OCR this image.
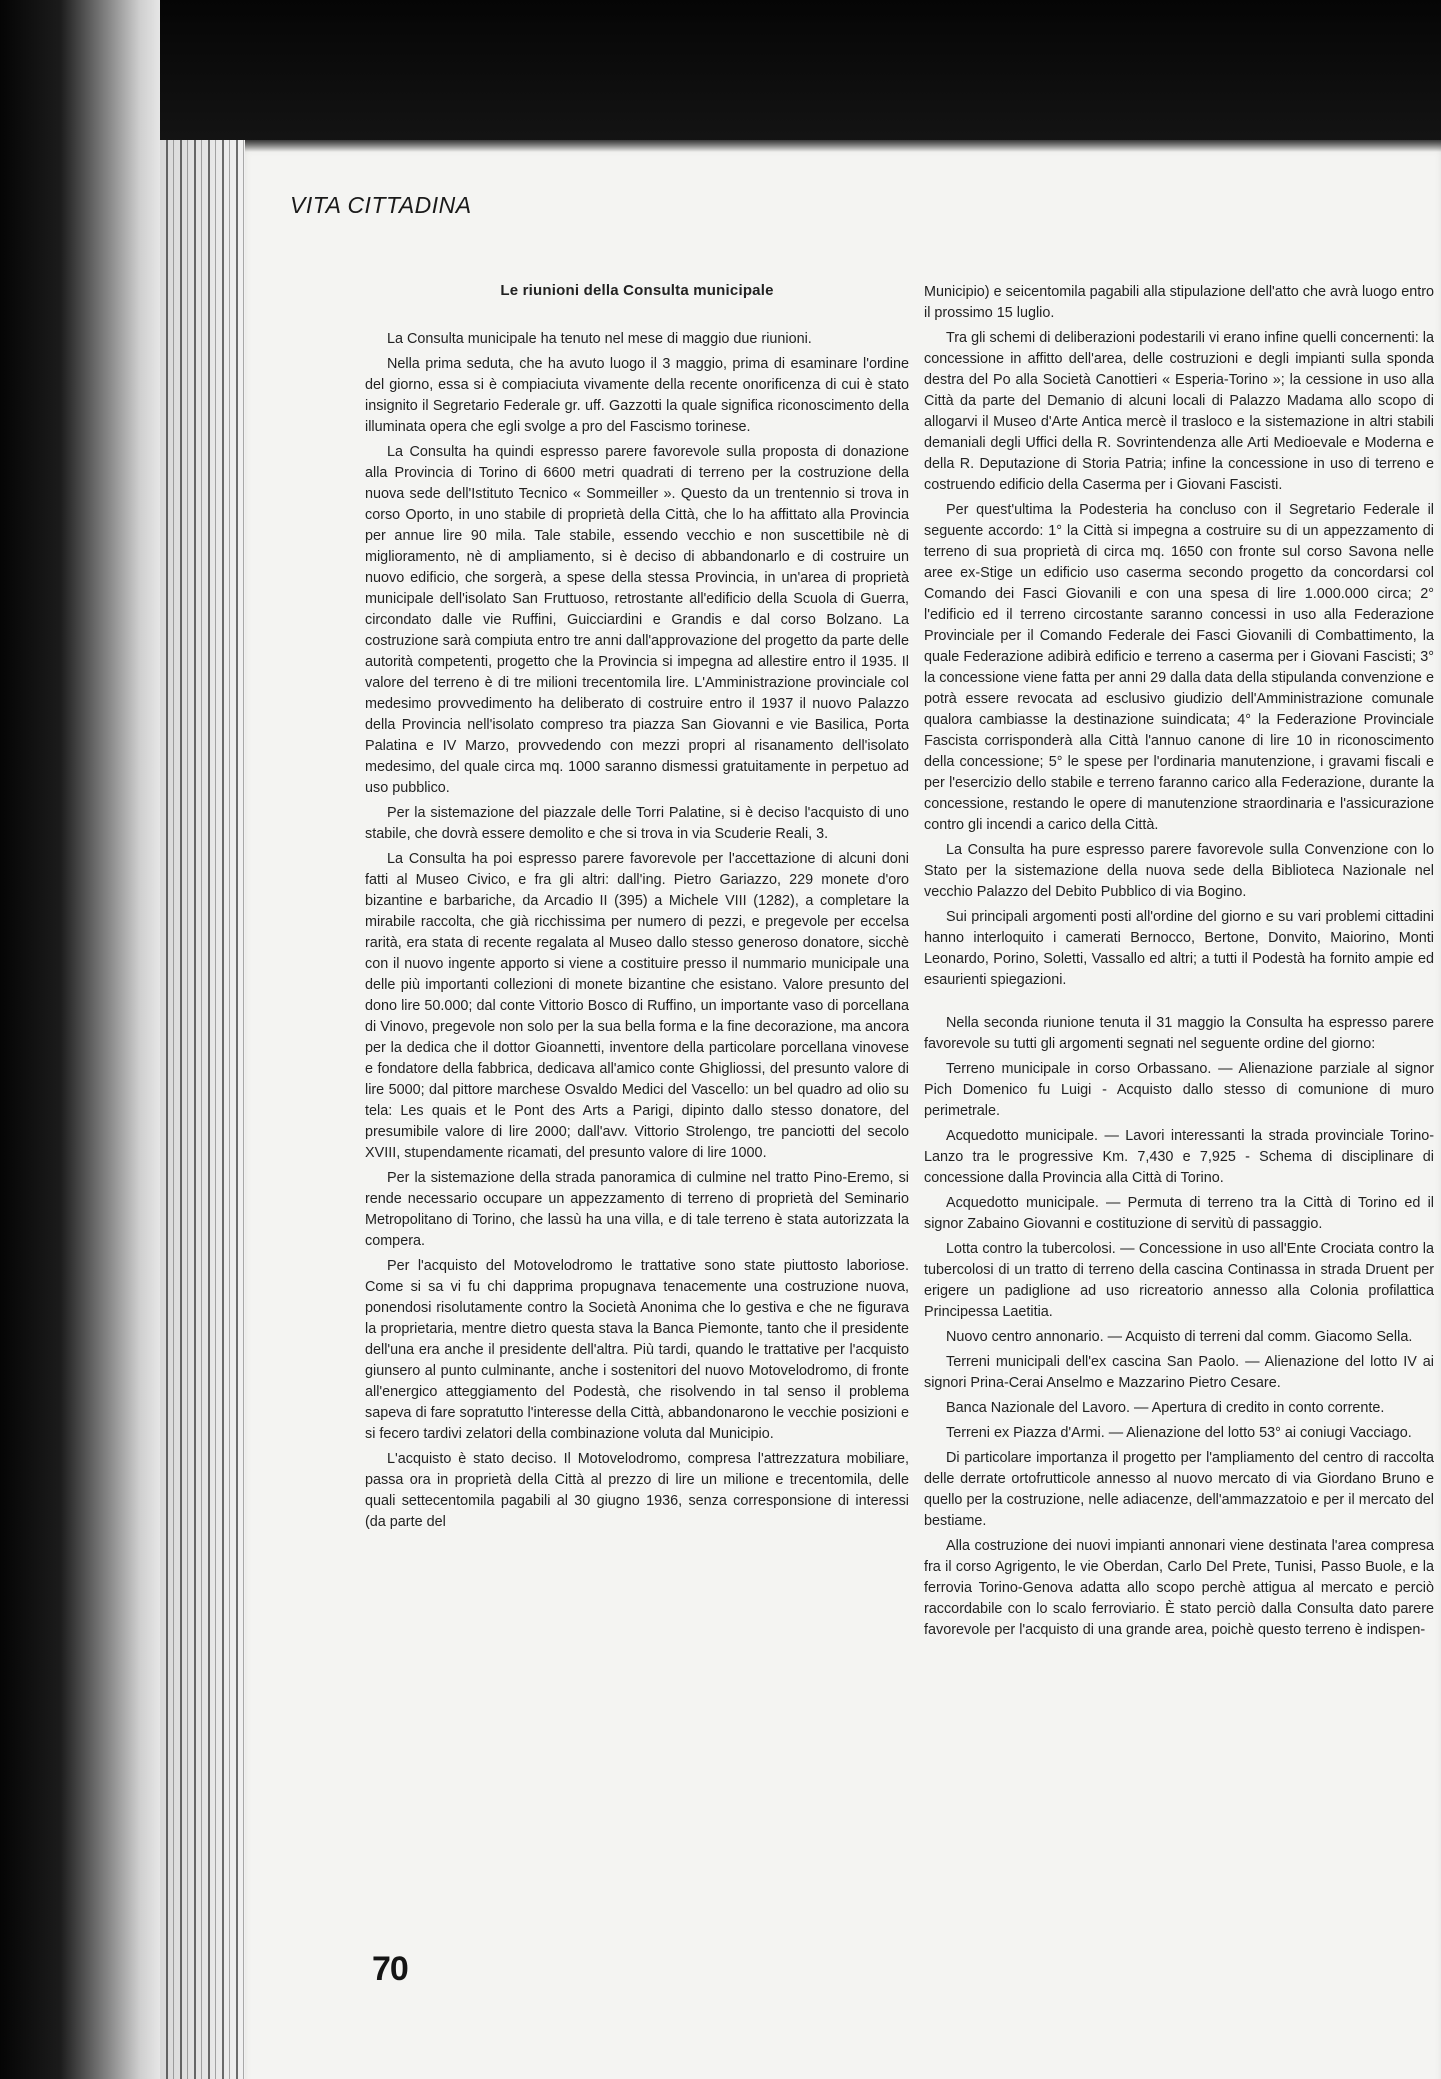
VITA CITTADINA
Le riunioni della Consulta municipale

La Consulta municipale ha tenuto nel mese di maggio due riunioni.

Nella prima seduta, che ha avuto luogo il 3 maggio, prima di esaminare l'ordine del giorno, essa si è compiaciuta vivamente della recente onorificenza di cui è stato insignito il Segretario Federale gr. uff. Gazzotti la quale significa riconoscimento della illuminata opera che egli svolge a pro del Fascismo torinese.

La Consulta ha quindi espresso parere favorevole sulla proposta di donazione alla Provincia di Torino di 6600 metri quadrati di terreno per la costruzione della nuova sede dell'Istituto Tecnico « Sommeiller ». Questo da un trentennio si trova in corso Oporto, in uno stabile di proprietà della Città, che lo ha affittato alla Provincia per annue lire 90 mila. Tale stabile, essendo vecchio e non suscettibile nè di miglioramento, nè di ampliamento, si è deciso di abbandonarlo e di costruire un nuovo edificio, che sorgerà, a spese della stessa Provincia, in un'area di proprietà municipale dell'isolato San Fruttuoso, retrostante all'edificio della Scuola di Guerra, circondato dalle vie Ruffini, Guicciardini e Grandis e dal corso Bolzano. La costruzione sarà compiuta entro tre anni dall'approvazione del progetto da parte delle autorità competenti, progetto che la Provincia si impegna ad allestire entro il 1935. Il valore del terreno è di tre milioni trecentomila lire. L'Amministrazione provinciale col medesimo provvedimento ha deliberato di costruire entro il 1937 il nuovo Palazzo della Provincia nell'isolato compreso tra piazza San Giovanni e vie Basilica, Porta Palatina e IV Marzo, provvedendo con mezzi propri al risanamento dell'isolato medesimo, del quale circa mq. 1000 saranno dismessi gratuitamente in perpetuo ad uso pubblico.

Per la sistemazione del piazzale delle Torri Palatine, si è deciso l'acquisto di uno stabile, che dovrà essere demolito e che si trova in via Scuderie Reali, 3.

La Consulta ha poi espresso parere favorevole per l'accettazione di alcuni doni fatti al Museo Civico, e fra gli altri: dall'ing. Pietro Gariazzo, 229 monete d'oro bizantine e barbariche, da Arcadio II (395) a Michele VIII (1282), a completare la mirabile raccolta, che già ricchissima per numero di pezzi, e pregevole per eccelsa rarità, era stata di recente regalata al Museo dallo stesso generoso donatore, sicchè con il nuovo ingente apporto si viene a costituire presso il nummario municipale una delle più importanti collezioni di monete bizantine che esistano. Valore presunto del dono lire 50.000; dal conte Vittorio Bosco di Ruffino, un importante vaso di porcellana di Vinovo, pregevole non solo per la sua bella forma e la fine decorazione, ma ancora per la dedica che il dottor Gioannetti, inventore della particolare porcellana vinovese e fondatore della fabbrica, dedicava all'amico conte Ghigliossi, del presunto valore di lire 5000; dal pittore marchese Osvaldo Medici del Vascello: un bel quadro ad olio su tela: Les quais et le Pont des Arts a Parigi, dipinto dallo stesso donatore, del presumibile valore di lire 2000; dall'avv. Vittorio Strolengo, tre panciotti del secolo XVIII, stupendamente ricamati, del presunto valore di lire 1000.

Per la sistemazione della strada panoramica di culmine nel tratto Pino-Eremo, si rende necessario occupare un appezzamento di terreno di proprietà del Seminario Metropolitano di Torino, che lassù ha una villa, e di tale terreno è stata autorizzata la compera.

Per l'acquisto del Motovelodromo le trattative sono state piuttosto laboriose. Come si sa vi fu chi dapprima propugnava tenacemente una costruzione nuova, ponendosi risolutamente contro la Società Anonima che lo gestiva e che ne figurava la proprietaria, mentre dietro questa stava la Banca Piemonte, tanto che il presidente dell'una era anche il presidente dell'altra. Più tardi, quando le trattative per l'acquisto giunsero al punto culminante, anche i sostenitori del nuovo Motovelodromo, di fronte all'energico atteggiamento del Podestà, che risolvendo in tal senso il problema sapeva di fare sopratutto l'interesse della Città, abbandonarono le vecchie posizioni e si fecero tardivi zelatori della combinazione voluta dal Municipio.

L'acquisto è stato deciso. Il Motovelodromo, compresa l'attrezzatura mobiliare, passa ora in proprietà della Città al prezzo di lire un milione e trecentomila, delle quali settecentomila pagabili al 30 giugno 1936, senza corresponsione di interessi (da parte del

Municipio) e seicentomila pagabili alla stipulazione dell'atto che avrà luogo entro il prossimo 15 luglio.

Tra gli schemi di deliberazioni podestarili vi erano infine quelli concernenti: la concessione in affitto dell'area, delle costruzioni e degli impianti sulla sponda destra del Po alla Società Canottieri « Esperia-Torino »; la cessione in uso alla Città da parte del Demanio di alcuni locali di Palazzo Madama allo scopo di allogarvi il Museo d'Arte Antica mercè il trasloco e la sistemazione in altri stabili demaniali degli Uffici della R. Sovrintendenza alle Arti Medioevale e Moderna e della R. Deputazione di Storia Patria; infine la concessione in uso di terreno e costruendo edificio della Caserma per i Giovani Fascisti.

Per quest'ultima la Podesteria ha concluso con il Segretario Federale il seguente accordo: 1° la Città si impegna a costruire su di un appezzamento di terreno di sua proprietà di circa mq. 1650 con fronte sul corso Savona nelle aree ex-Stige un edificio uso caserma secondo progetto da concordarsi col Comando dei Fasci Giovanili e con una spesa di lire 1.000.000 circa; 2° l'edificio ed il terreno circostante saranno concessi in uso alla Federazione Provinciale per il Comando Federale dei Fasci Giovanili di Combattimento, la quale Federazione adibirà edificio e terreno a caserma per i Giovani Fascisti; 3° la concessione viene fatta per anni 29 dalla data della stipulanda convenzione e potrà essere revocata ad esclusivo giudizio dell'Amministrazione comunale qualora cambiasse la destinazione suindicata; 4° la Federazione Provinciale Fascista corrisponderà alla Città l'annuo canone di lire 10 in riconoscimento della concessione; 5° le spese per l'ordinaria manutenzione, i gravami fiscali e per l'esercizio dello stabile e terreno faranno carico alla Federazione, durante la concessione, restando le opere di manutenzione straordinaria e l'assicurazione contro gli incendi a carico della Città.

La Consulta ha pure espresso parere favorevole sulla Convenzione con lo Stato per la sistemazione della nuova sede della Biblioteca Nazionale nel vecchio Palazzo del Debito Pubblico di via Bogino.

Sui principali argomenti posti all'ordine del giorno e su vari problemi cittadini hanno interloquito i camerati Bernocco, Bertone, Donvito, Maiorino, Monti Leonardo, Porino, Soletti, Vassallo ed altri; a tutti il Podestà ha fornito ampie ed esaurienti spiegazioni.

Nella seconda riunione tenuta il 31 maggio la Consulta ha espresso parere favorevole su tutti gli argomenti segnati nel seguente ordine del giorno:

Terreno municipale in corso Orbassano. — Alienazione parziale al signor Pich Domenico fu Luigi - Acquisto dallo stesso di comunione di muro perimetrale.

Acquedotto municipale. — Lavori interessanti la strada provinciale Torino-Lanzo tra le progressive Km. 7,430 e 7,925 - Schema di disciplinare di concessione dalla Provincia alla Città di Torino.

Acquedotto municipale. — Permuta di terreno tra la Città di Torino ed il signor Zabaino Giovanni e costituzione di servitù di passaggio.

Lotta contro la tubercolosi. — Concessione in uso all'Ente Crociata contro la tubercolosi di un tratto di terreno della cascina Continassa in strada Druent per erigere un padiglione ad uso ricreatorio annesso alla Colonia profilattica Principessa Laetitia.

Nuovo centro annonario. — Acquisto di terreni dal comm. Giacomo Sella.

Terreni municipali dell'ex cascina San Paolo. — Alienazione del lotto IV ai signori Prina-Cerai Anselmo e Mazzarino Pietro Cesare.

Banca Nazionale del Lavoro. — Apertura di credito in conto corrente.

Terreni ex Piazza d'Armi. — Alienazione del lotto 53° ai coniugi Vacciago.

Di particolare importanza il progetto per l'ampliamento del centro di raccolta delle derrate ortofrutticole annesso al nuovo mercato di via Giordano Bruno e quello per la costruzione, nelle adiacenze, dell'ammazzatoio e per il mercato del bestiame.

Alla costruzione dei nuovi impianti annonari viene destinata l'area compresa fra il corso Agrigento, le vie Oberdan, Carlo Del Prete, Tunisi, Passo Buole, e la ferrovia Torino-Genova adatta allo scopo perchè attigua al mercato e perciò raccordabile con lo scalo ferroviario. È stato perciò dalla Consulta dato parere favorevole per l'acquisto di una grande area, poichè questo terreno è indispen-

70
